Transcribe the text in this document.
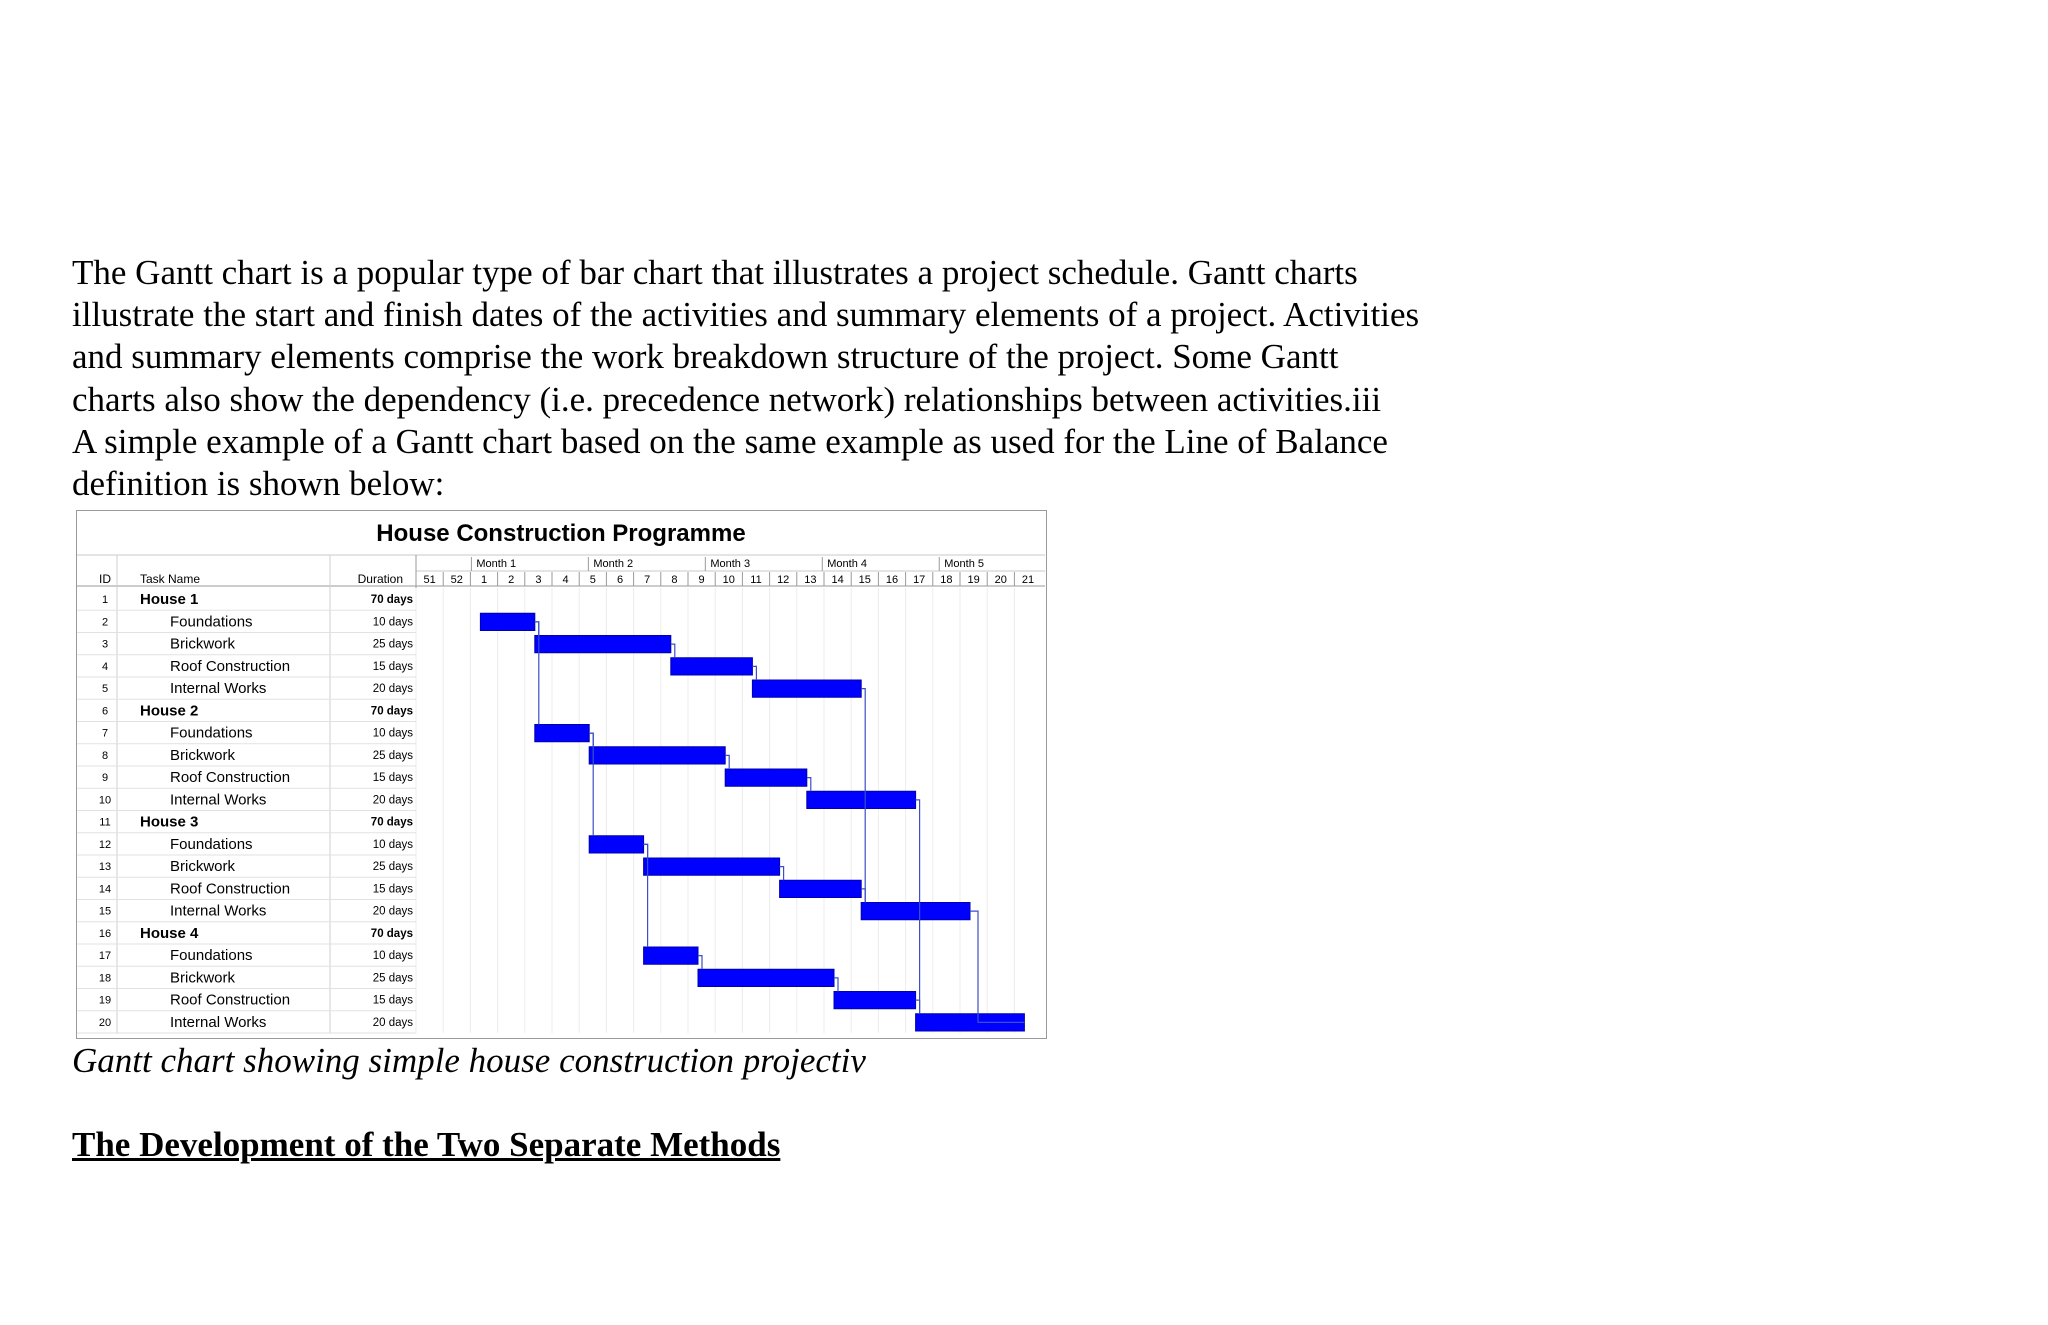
The Gantt chart is a popular type of bar chart that illustrates a project schedule. Gantt charts
illustrate the start and finish dates of the activities and summary elements of a project. Activities
and summary elements comprise the work breakdown structure of the project. Some Gantt
charts also show the dependency (i.e. precedence network) relationships between activities.iii
A simple example of a Gantt chart based on the same example as used for the Line of Balance
definition is shown below:
House Construction Programme
ID Task Name	Duration
Month 1	Month 2	Month 3	Month 4	Month 5
51 52 1 2 3 4 5 6 7 8 9 10 11 12 13 14 15 16 17 18 19 20 21
1 House 1	70 days
2	Foundations	10 days
3	Brickwork	25 days
4	Roof Construction	15 days
5	Internal Works	20 days
6 House 2	70 days
7	Foundations	10 days
8	Brickwork	25 days
9	Roof Construction	15 days
10	Internal Works	20 days
11 House 3	70 days
12	Foundations	10 days
13	Brickwork	25 days
14	Roof Construction	15 days
15	Internal Works	20 days
16 House 4	70 days
17	Foundations	10 days
18	Brickwork	25 days
19	Roof Construction	15 days
20	Internal Works	20 days
Gantt chart showing simple house construction projectiv
The Development of the Two Separate Methods
